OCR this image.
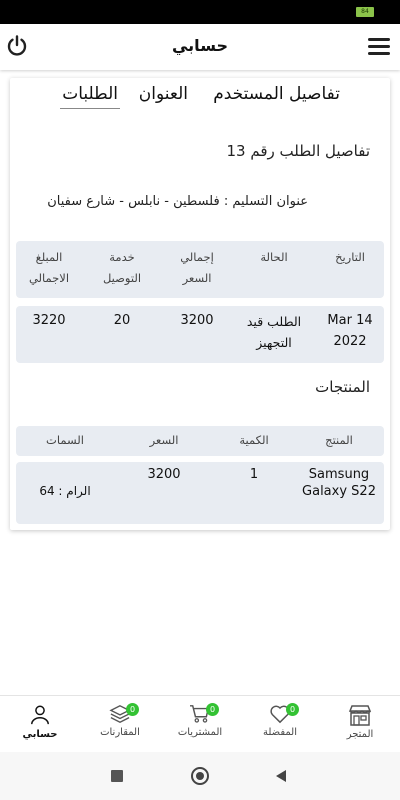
84
حسابي
تفاصيل المستخدم
العنوان
الطلبات
تفاصيل الطلب رقم 13
عنوان التسليم : فلسطين - نابلس - شارع سفيان
التاريخ
الحالة
إجمالي
السعر
خدمة
التوصيل
المبلغ
الاجمالي
14 Mar
2022
الطلب قيد
التجهيز
3200
20
3220
المنتجات
المنتج
الكمية
السعر
السمات
Samsung
Galaxy S22
1
3200
الرام : 64
المتجر
0
المفضلة
0
المشتريات
0
المقارنات
حسابي
